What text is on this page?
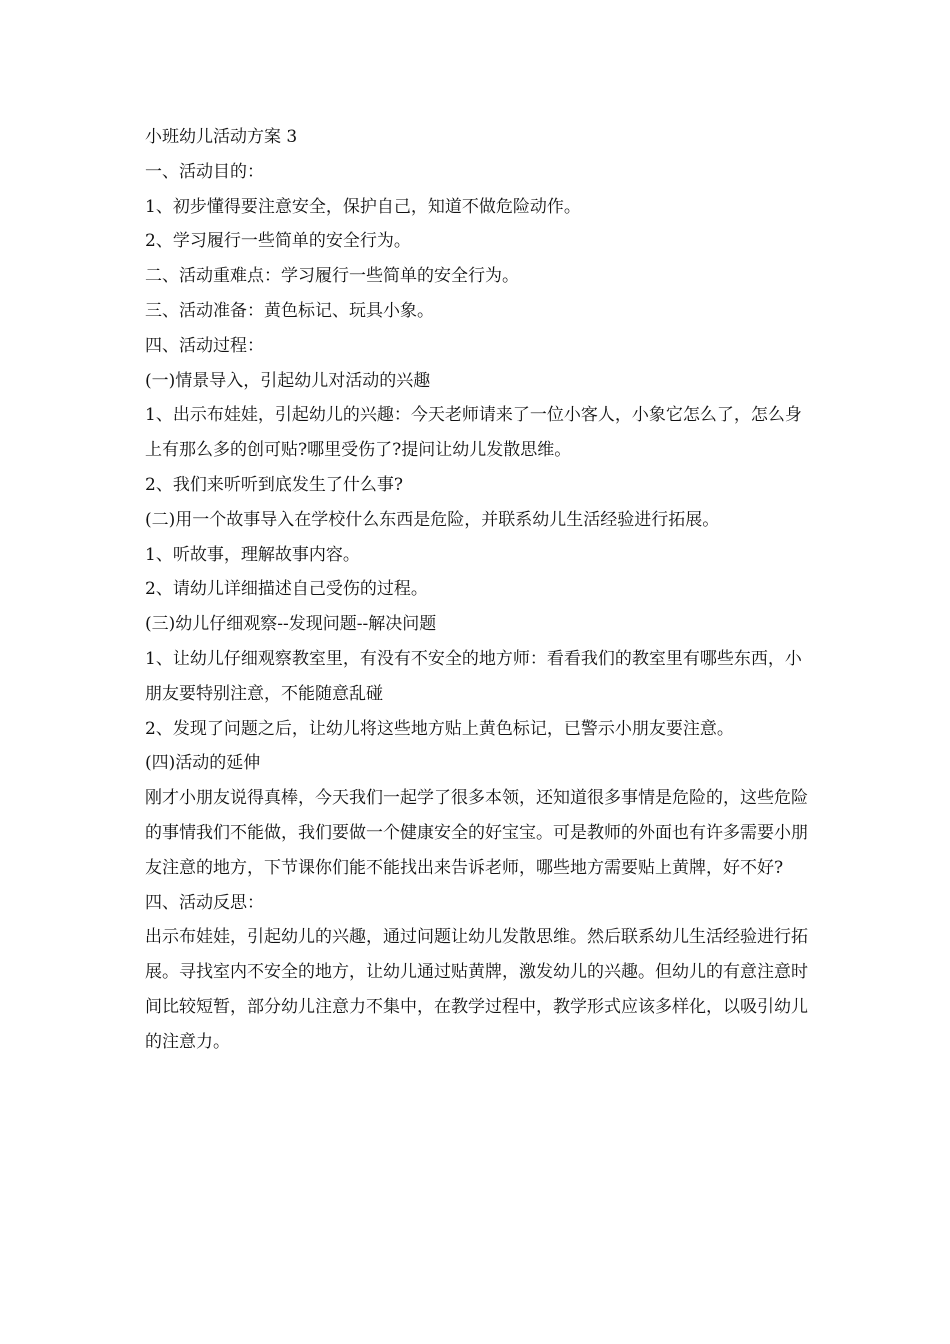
小班幼儿活动方案 3

一、活动目的：

1、初步懂得要注意安全，保护自己，知道不做危险动作。

2、学习履行一些简单的安全行为。

二、活动重难点：学习履行一些简单的安全行为。

三、活动准备：黄色标记、玩具小象。

四、活动过程：

(一)情景导入，引起幼儿对活动的兴趣

1、出示布娃娃，引起幼儿的兴趣：今天老师请来了一位小客人，小象它怎么了，怎么身上有那么多的创可贴?哪里受伤了?提问让幼儿发散思维。

2、我们来听听到底发生了什么事?

(二)用一个故事导入在学校什么东西是危险，并联系幼儿生活经验进行拓展。

1、听故事，理解故事内容。

2、请幼儿详细描述自己受伤的过程。

(三)幼儿仔细观察--发现问题--解决问题

1、让幼儿仔细观察教室里，有没有不安全的地方师：看看我们的教室里有哪些东西，小朋友要特别注意，不能随意乱碰

2、发现了问题之后，让幼儿将这些地方贴上黄色标记，已警示小朋友要注意。

(四)活动的延伸

刚才小朋友说得真棒，今天我们一起学了很多本领，还知道很多事情是危险的，这些危险的事情我们不能做，我们要做一个健康安全的好宝宝。可是教师的外面也有许多需要小朋友注意的地方，下节课你们能不能找出来告诉老师，哪些地方需要贴上黄牌，好不好?

四、活动反思：

出示布娃娃，引起幼儿的兴趣，通过问题让幼儿发散思维。然后联系幼儿生活经验进行拓展。寻找室内不安全的地方，让幼儿通过贴黄牌，激发幼儿的兴趣。但幼儿的有意注意时间比较短暂，部分幼儿注意力不集中，在教学过程中，教学形式应该多样化，以吸引幼儿的注意力。
